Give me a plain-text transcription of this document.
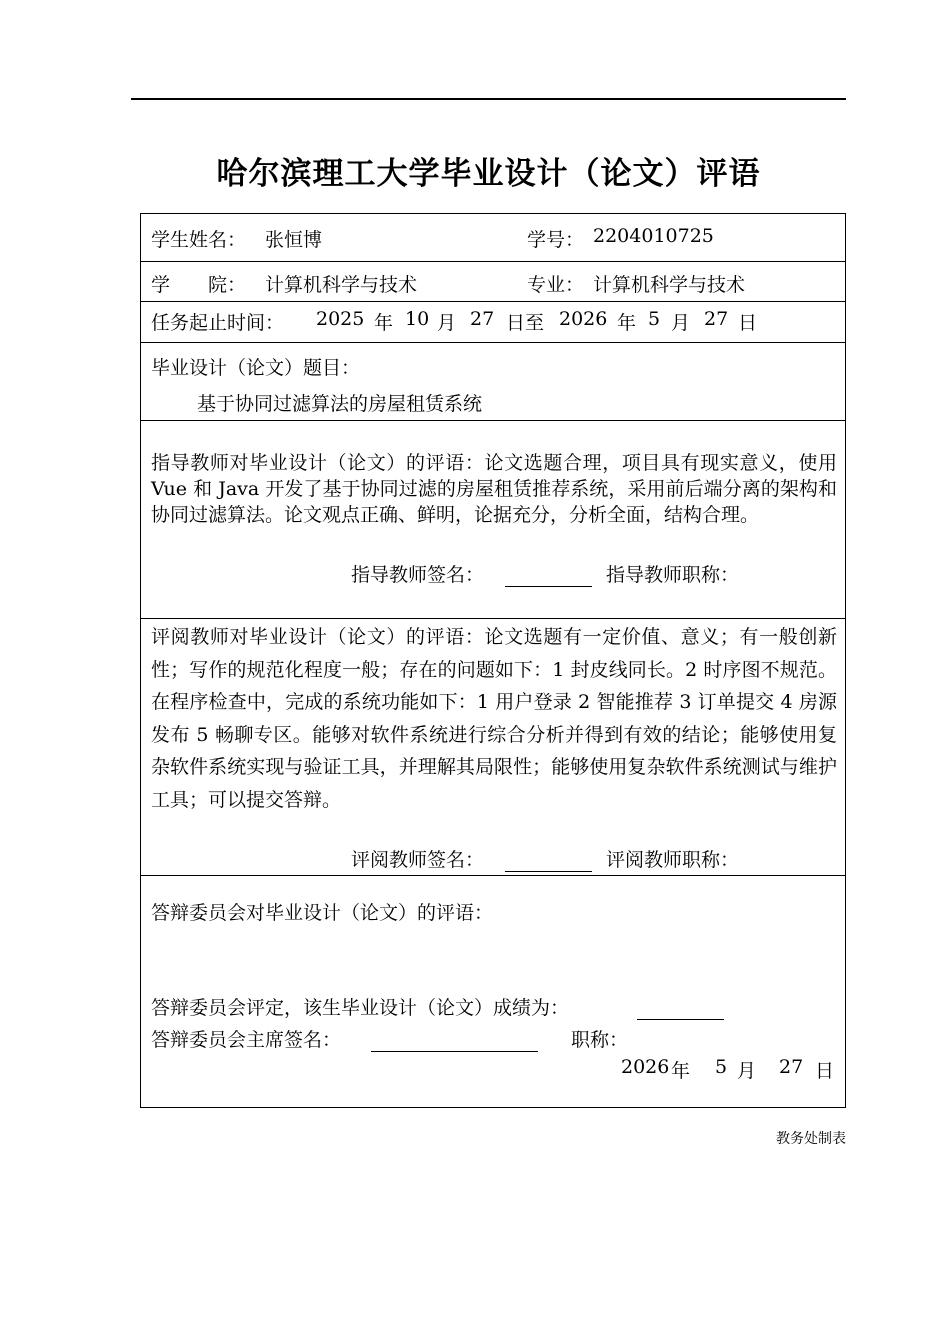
哈尔滨理工大学毕业设计（论文）评语
学生姓名： 张恒博	学号： 2204010725
学　　院： 计算机科学与技术	专业： 计算机科学与技术
任务起止时间： 2025 年 10 月 27 日至 2026 年 5 月 27 日
毕业设计（论文）题目：
基于协同过滤算法的房屋租赁系统
指导教师对毕业设计（论文）的评语：论文选题合理，项目具有现实意义，使用 Vue 和 Java 开发了基于协同过滤的房屋租赁推荐系统，采用前后端分离的架构和协同过滤算法。论文观点正确、鲜明，论据充分，分析全面，结构合理。
指导教师签名：	指导教师职称：
评阅教师对毕业设计（论文）的评语：论文选题有一定价值、意义；有一般创新性；写作的规范化程度一般；存在的问题如下：1 封皮线同长。2 时序图不规范。在程序检查中，完成的系统功能如下：1 用户登录 2 智能推荐 3 订单提交 4 房源发布 5 畅聊专区。能够对软件系统进行综合分析并得到有效的结论；能够使用复杂软件系统实现与验证工具，并理解其局限性；能够使用复杂软件系统测试与维护工具；可以提交答辩。
评阅教师签名：	评阅教师职称：
答辩委员会对毕业设计（论文）的评语：
答辩委员会评定，该生毕业设计（论文）成绩为：
答辩委员会主席签名：	职称：
2026 年 5 月 27 日
教务处制表
